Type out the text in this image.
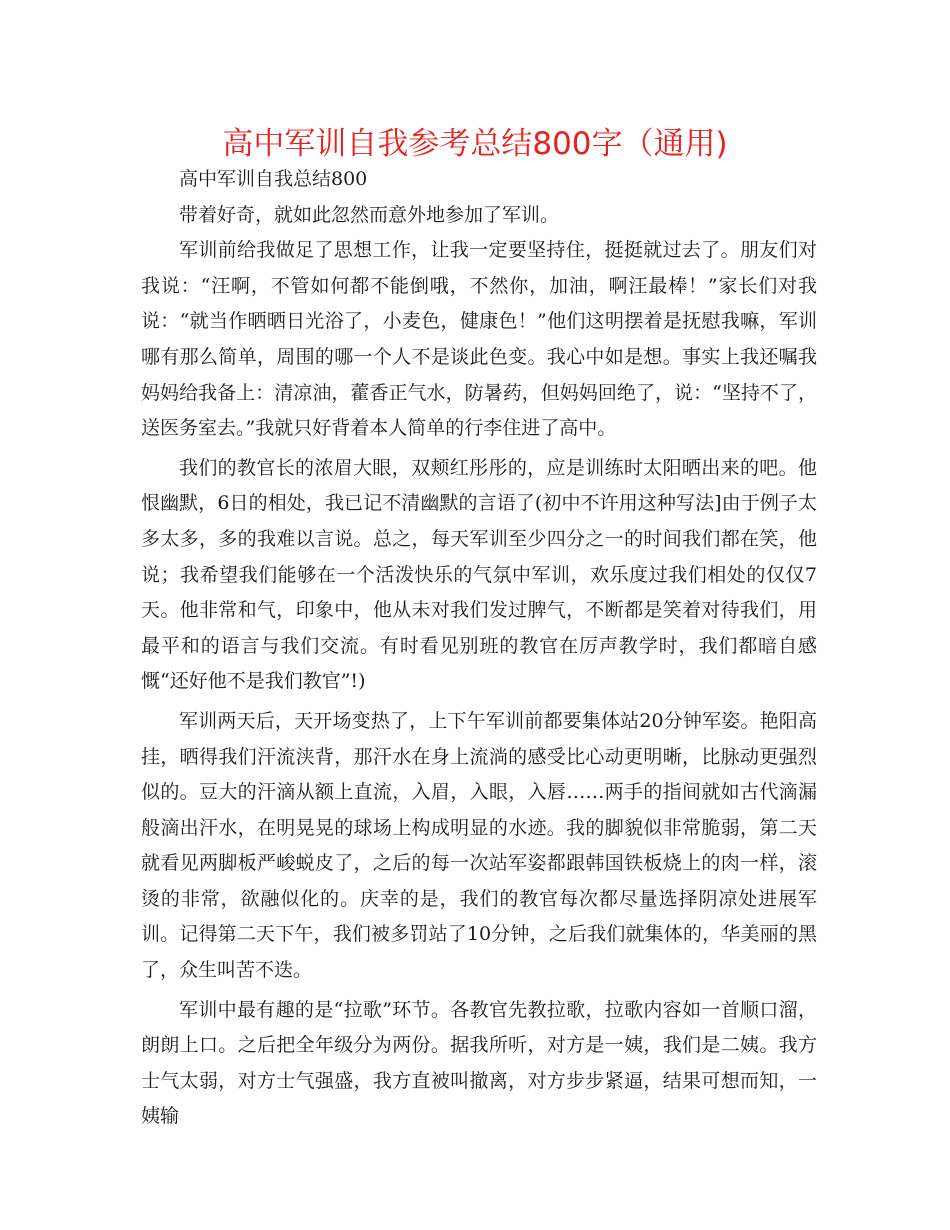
高中军训自我参考总结800字（通用)

高中军训自我总结800

带着好奇，就如此忽然而意外地参加了军训。

军训前给我做足了思想工作，让我一定要坚持住，挺挺就过去了。朋友们对我说：“汪啊，不管如何都不能倒哦，不然你，加油，啊汪最棒！”家长们对我说：“就当作晒晒日光浴了，小麦色，健康色！”他们这明摆着是抚慰我嘛，军训哪有那么简单，周围的哪一个人不是谈此色变。我心中如是想。事实上我还嘱我妈妈给我备上：清凉油，藿香正气水，防暑药，但妈妈回绝了，说：“坚持不了，送医务室去。”我就只好背着本人简单的行李住进了高中。

我们的教官长的浓眉大眼，双颊红彤彤的，应是训练时太阳晒出来的吧。他恨幽默，6日的相处，我已记不清幽默的言语了(初中不许用这种写法]由于例子太多太多，多的我难以言说。总之，每天军训至少四分之一的时间我们都在笑，他说；我希望我们能够在一个活泼快乐的气氛中军训，欢乐度过我们相处的仅仅7天。他非常和气，印象中，他从未对我们发过脾气，不断都是笑着对待我们，用最平和的语言与我们交流。有时看见别班的教官在厉声教学时，我们都暗自感慨“还好他不是我们教官”!)

军训两天后，天开场变热了，上下午军训前都要集体站20分钟军姿。艳阳高挂，晒得我们汗流浃背，那汗水在身上流淌的感受比心动更明晰，比脉动更强烈似的。豆大的汗滴从额上直流，入眉，入眼，入唇……两手的指间就如古代滴漏般滴出汗水，在明晃晃的球场上构成明显的水迹。我的脚貌似非常脆弱，第二天就看见两脚板严峻蜕皮了，之后的每一次站军姿都跟韩国铁板烧上的肉一样，滚烫的非常，欲融似化的。庆幸的是，我们的教官每次都尽量选择阴凉处进展军训。记得第二天下午，我们被多罚站了10分钟，之后我们就集体的，华美丽的黑了，众生叫苦不迭。

军训中最有趣的是“拉歌”环节。各教官先教拉歌，拉歌内容如一首顺口溜，朗朗上口。之后把全年级分为两份。据我所听，对方是一姨，我们是二姨。我方士气太弱，对方士气强盛，我方直被叫撤离，对方步步紧逼，结果可想而知，一姨输
